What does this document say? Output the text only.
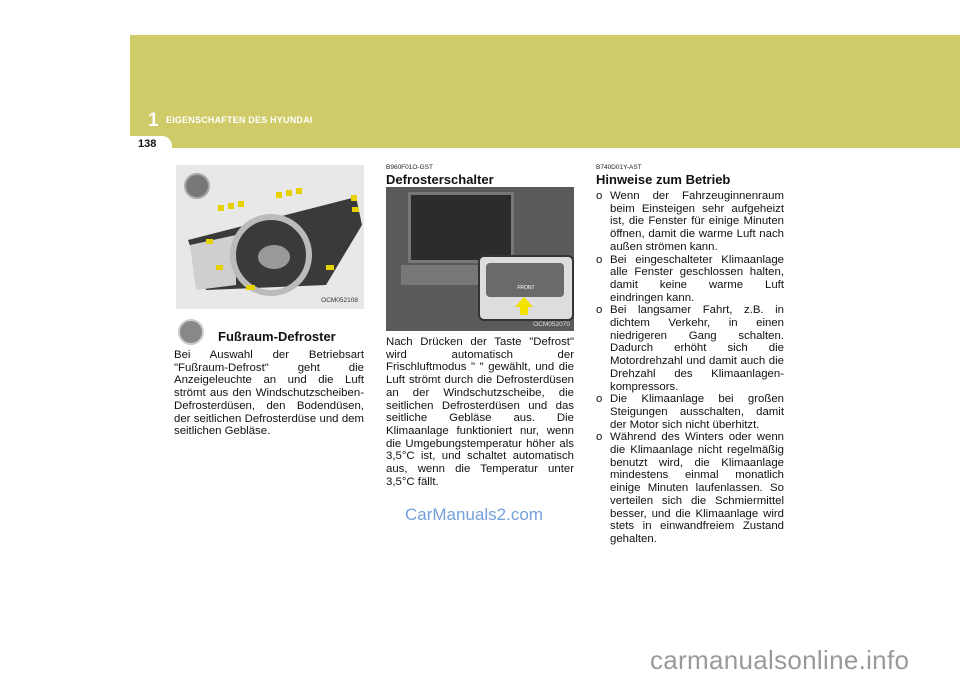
1 EIGENSCHAFTEN DES HYUNDAI
138
OCM052108
Fußraum-Defroster
Bei Auswahl der Betriebsart "Fußraum-Defrost" geht die Anzeigeleuchte an und die Luft strömt aus den Windschutzscheiben-Defrosterdüsen, den Bodendüsen, der seitlichen Defrosterdüse und dem seitlichen Gebläse.
B960F01O-GST
Defrosterschalter
FRONT
OCM052070
Nach Drücken der Taste "Defrost" wird automatisch der Frischluftmodus " " gewählt, und die Luft strömt durch die Defrosterdüsen an der Windschutzscheibe, die seitlichen Defrosterdüsen und das seitliche Gebläse aus. Die Klimaanlage funktioniert nur, wenn die Umgebungstemperatur höher als 3,5°C ist, und schaltet automatisch aus, wenn die Temperatur unter 3,5°C fällt.
B740D01Y-AST
Hinweise zum Betrieb
o Wenn der Fahrzeuginnenraum beim Einsteigen sehr aufgeheizt ist, die Fenster für einige Minuten öffnen, damit die warme Luft nach außen strömen kann.
o Bei eingeschalteter Klimaanlage alle Fenster geschlossen halten, damit keine warme Luft eindringen kann.
o Bei langsamer Fahrt, z.B. in dichtem Verkehr, in einen niedrigeren Gang schalten. Dadurch erhöht sich die Motordrehzahl und damit auch die Drehzahl des Klimaanlagen-kompressors.
o Die Klimaanlage bei großen Steigungen ausschalten, damit der Motor sich nicht überhitzt.
o Während des Winters oder wenn die Klimaanlage nicht regelmäßig benutzt wird, die Klimaanlage mindestens einmal monatlich einige Minuten laufenlassen. So verteilen sich die Schmiermittel besser, und die Klimaanlage wird stets in einwandfreiem Zustand gehalten.
CarManuals2.com
carmanualsonline.info
